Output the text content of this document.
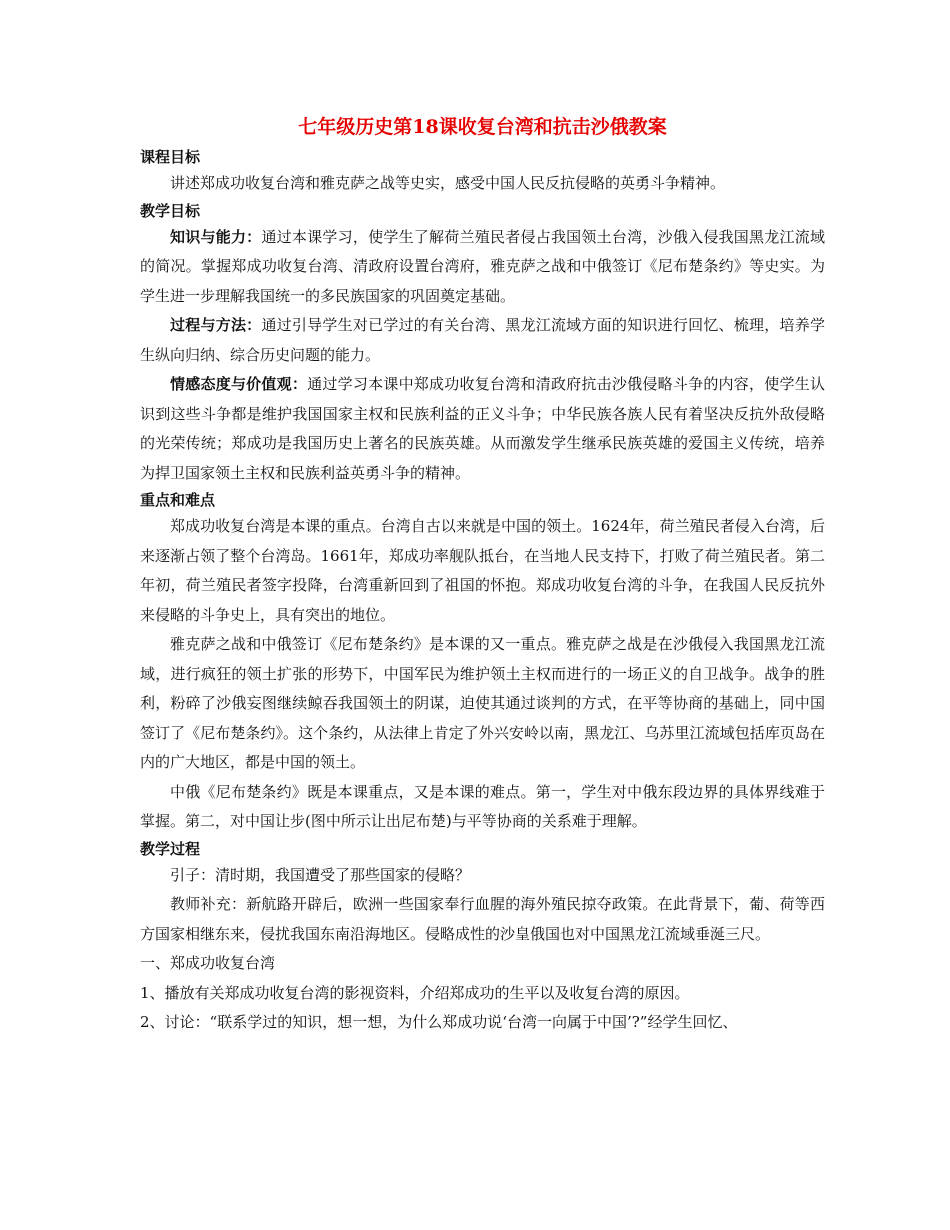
七年级历史第18课收复台湾和抗击沙俄教案

课程目标

讲述郑成功收复台湾和雅克萨之战等史实，感受中国人民反抗侵略的英勇斗争精神。

教学目标

知识与能力：通过本课学习，使学生了解荷兰殖民者侵占我国领土台湾，沙俄入侵我国黑龙江流域的简况。掌握郑成功收复台湾、清政府设置台湾府，雅克萨之战和中俄签订《尼布楚条约》等史实。为学生进一步理解我国统一的多民族国家的巩固奠定基础。

过程与方法：通过引导学生对已学过的有关台湾、黑龙江流域方面的知识进行回忆、梳理，培养学生纵向归纳、综合历史问题的能力。

情感态度与价值观：通过学习本课中郑成功收复台湾和清政府抗击沙俄侵略斗争的内容，使学生认识到这些斗争都是维护我国国家主权和民族利益的正义斗争；中华民族各族人民有着坚决反抗外敌侵略的光荣传统；郑成功是我国历史上著名的民族英雄。从而激发学生继承民族英雄的爱国主义传统，培养为捍卫国家领土主权和民族利益英勇斗争的精神。

重点和难点

郑成功收复台湾是本课的重点。台湾自古以来就是中国的领土。1624年，荷兰殖民者侵入台湾，后来逐渐占领了整个台湾岛。1661年，郑成功率舰队抵台，在当地人民支持下，打败了荷兰殖民者。第二年初，荷兰殖民者签字投降，台湾重新回到了祖国的怀抱。郑成功收复台湾的斗争，在我国人民反抗外来侵略的斗争史上，具有突出的地位。

雅克萨之战和中俄签订《尼布楚条约》是本课的又一重点。雅克萨之战是在沙俄侵入我国黑龙江流域，进行疯狂的领土扩张的形势下，中国军民为维护领土主权而进行的一场正义的自卫战争。战争的胜利，粉碎了沙俄妄图继续鲸吞我国领土的阴谋，迫使其通过谈判的方式，在平等协商的基础上，同中国签订了《尼布楚条约》。这个条约，从法律上肯定了外兴安岭以南，黑龙江、乌苏里江流域包括库页岛在内的广大地区，都是中国的领土。

中俄《尼布楚条约》既是本课重点，又是本课的难点。第一，学生对中俄东段边界的具体界线难于掌握。第二，对中国让步(图中所示让出尼布楚)与平等协商的关系难于理解。

教学过程

引子：清时期，我国遭受了那些国家的侵略？

教师补充：新航路开辟后，欧洲一些国家奉行血腥的海外殖民掠夺政策。在此背景下，葡、荷等西方国家相继东来，侵扰我国东南沿海地区。侵略成性的沙皇俄国也对中国黑龙江流域垂涎三尺。

一、郑成功收复台湾

1、播放有关郑成功收复台湾的影视资料，介绍郑成功的生平以及收复台湾的原因。

2、讨论：“联系学过的知识，想一想，为什么郑成功说‘台湾一向属于中国’?”经学生回忆、
